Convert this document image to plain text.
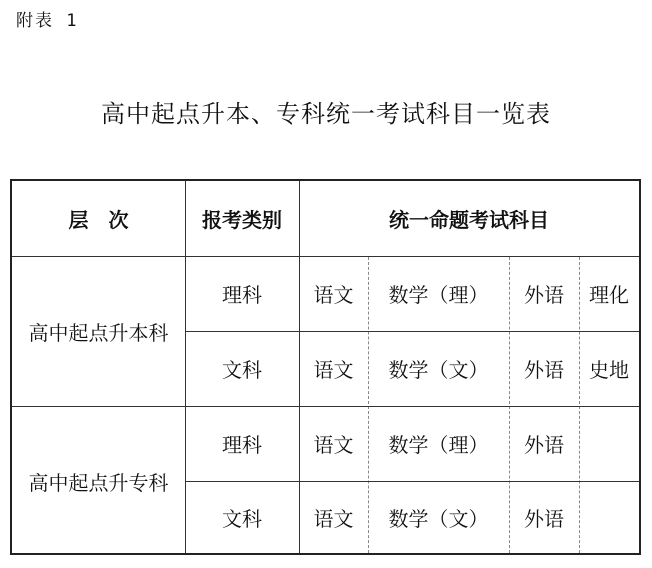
附表 1
高中起点升本、专科统一考试科目一览表
层　次	报考类别	统一命题考试科目
高中起点升本科
理科	语文	数学（理）	外语	理化
文科	语文	数学（文）	外语	史地
高中起点升专科
理科	语文	数学（理）	外语
文科	语文	数学（文）	外语
